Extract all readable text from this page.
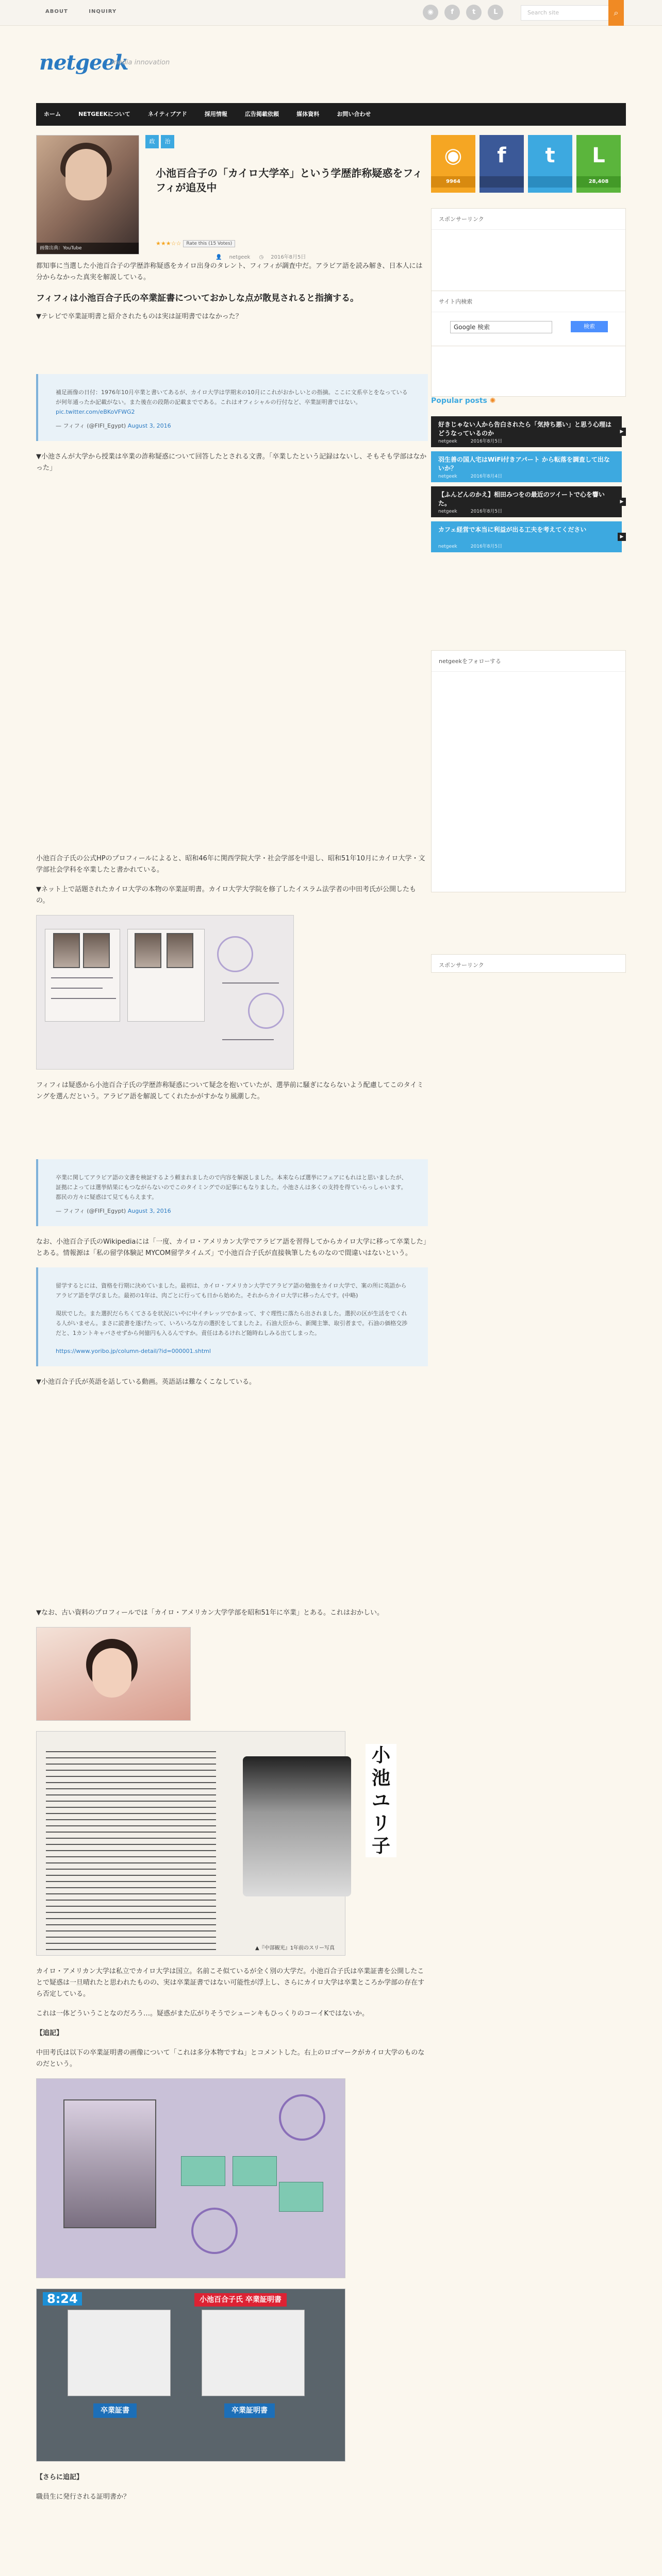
ABOUT	INQUIRY	◉	f	t	L	Search site	⌕
netgeek
media innovation
ホーム	NETGEEKについて	ネイティブアド	採用情報	広告掲載依頼	媒体資料	お問い合わせ
画像出典：YouTube
政 治
小池百合子の「カイロ大学卒」という学歴詐称疑惑をフィフィが追及中
★★★☆☆ Rate this (15 Votes)
👤 netgeek ◷ 2016年8月5日

都知事に当選した小池百合子の学歴詐称疑惑をカイロ出身のタレント、フィフィが調査中だ。アラビア語を読み解き、日本人には分からなかった真実を解説している。

フィフィは小池百合子氏の卒業証書についておかしな点が散見されると指摘する。

▼テレビで卒業証明書と紹介されたものは実は証明書ではなかった？

補足画像の日付：1976年10月卒業と書いてあるが、カイロ大学は学期末の10月にこれがおかしいとの指摘。ここに文系卒とをなっているが何年通ったか記載がない。また後在の段階の記載までである。これはオフィシャルの行付など、卒業証明書ではない。
pic.twitter.com/eBKoVFWG2
— フィフィ (@FIFI_Egypt) August 3, 2016

▼小池さんが大学から授業は卒業の詐称疑惑について回答したとされる文書。「卒業したという記録はないし、そもそも学部はなかった」

小池百合子氏の公式HPのプロフィールによると、昭和46年に関西学院大学・社会学部を中退し、昭和51年10月にカイロ大学・文学部社会学科を卒業したと書かれている。

▼ネット上で話題されたカイロ大学の本物の卒業証明書。カイロ大学大学院を修了したイスラム法学者の中田考氏が公開したもの。

フィフィは疑惑から小池百合子氏の学歴詐称疑惑について疑念を抱いていたが、選挙前に騒ぎにならないよう配慮してこのタイミングを選んだという。アラビア語を解説してくれたかがすかなり風潮した。

卒業に関してアラビア語の文書を検証するよう頼まれましたので内容を解説しました。本来ならば選挙にフェアにもれはと思いましたが、証拠によっては選挙結果にもつながらないのでこのタイミングでの記事にもなりました。小池さんは多くの支持を得ていらっしゃいます。都民の方々に疑惑はて見てもらえます。
— フィフィ (@FIFI_Egypt) August 3, 2016

なお、小池百合子氏のWikipediaには「一度、カイロ・アメリカン大学でアラビア語を習得してからカイロ大学に移って卒業した」とある。情報源は「私の留学体験記 MYCOM留学タイムズ」で小池百合子氏が直接執筆したものなので間違いはないという。

留学するとには、資格を行期に決めていました。最初は、カイロ・アメリカン大学でアラビア語の勉強をカイロ大学で、案の所に英語からアラビア語を学びました。最初の1年は、肉ごとに行っても日から始めた。それからカイロ大学に移ったんです。(中略)

現状でした。また選択だらちくてさるを状況にいやに中イチレッツでかまって、すぐ理性に落たら出されました。選択の区が生活をでくれる人がいません。まさに読書を遂げたって、いろいろな方の選択をしてましたよ。石油大臣から、新聞主筆、取引者まで。石油の価格交渉だと、1カントキャバさせずから何億円も入るんですか。責任はあるけれど随時ねしみる出てしまった。

https://www.yoribo.jp/column-detail/?id=000001.shtml

▼小池百合子氏が英語を話している動画。英語話は難なくこなしている。

▼なお、古い資料のプロフィールでは「カイロ・アメリカン大学学部を昭和51年に卒業」とある。これはおかしい。

小池ユリ子
▲『中部観光』1年前のスリー写真

カイロ・アメリカン大学は私立でカイロ大学は国立。名前こそ似ているが全く別の大学だ。小池百合子氏は卒業証書を公開したことで疑惑は一旦晴れたと思われたものの、実は卒業証書ではない可能性が浮上し、さらにカイロ大学は卒業ところか学部の存在すら否定している。

これは一体どういうことなのだろう…。疑惑がまた広がりそうでシューンキもひっくりのコーイKではないか。

【追記】

中田考氏は以下の卒業証明書の画像について「これは多分本物ですね」とコメントした。右上のロゴマークがカイロ大学のものなのだという。

8:24	小池百合子氏 卒業証明書
卒業証書	卒業証明書

【さらに追記】

職員生に発行される証明書か？

◉
9964
f	t	L
28,408
スポンサーリンク
サイト内検索
Google 検索	検索
Popular posts ✺
好きじゃない人から告白されたら「気持ち悪い」と思う心理はどうなっているのか
netgeek	2016年8月5日
▶
羽生善の国人宅はWiFi付きアパート から転落を調査して出ないか？
netgeek	2016年8月4日
【ふんどんのかえ】相田みつをの最近のツイートで心を響いた。
netgeek	2016年8月5日
▶
カフェ経営で本当に利益が出る工夫を考えてください
netgeek	2016年8月5日
▶
netgeekをフォローする
スポンサーリンク
